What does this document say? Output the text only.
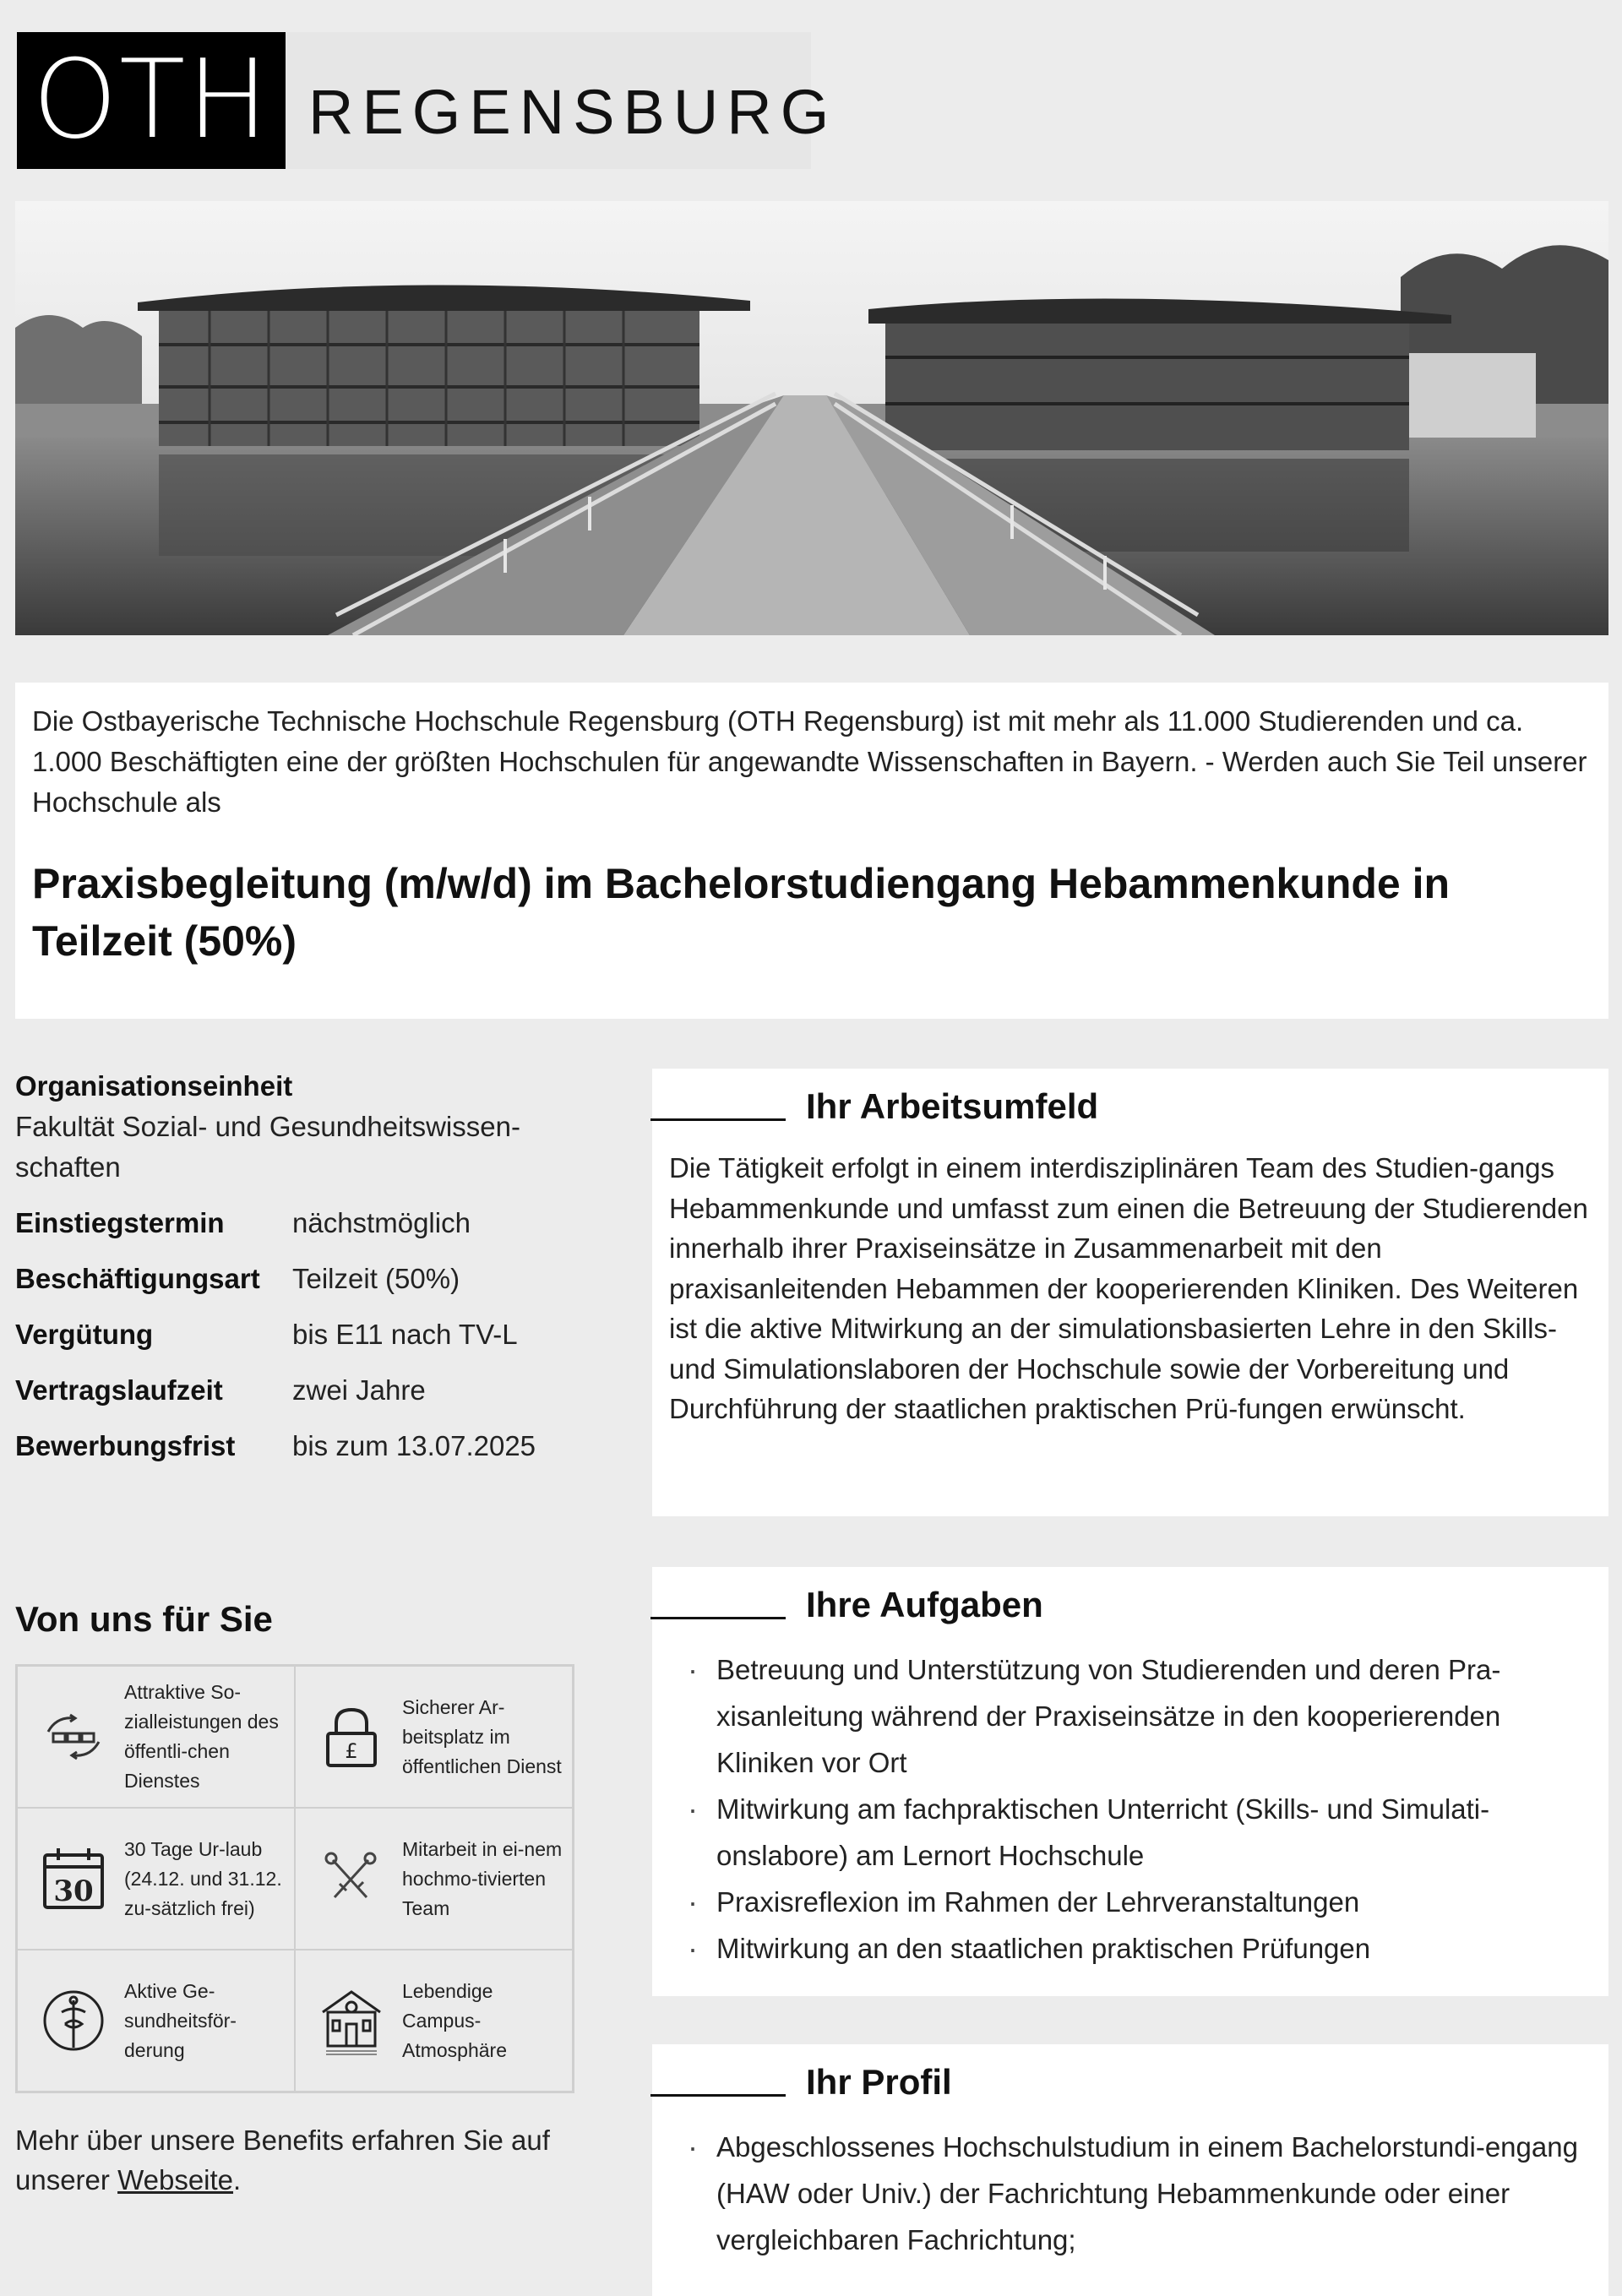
OTH REGENSBURG
Die Ostbayerische Technische Hochschule Regensburg (OTH Regensburg) ist mit mehr als 11.000 Studierenden und ca. 1.000 Beschäftigten eine der größten Hochschulen für angewandte Wissenschaften in Bayern. - Werden auch Sie Teil unserer Hochschule als
Praxisbegleitung (m/w/d) im Bachelorstudiengang Hebammenkunde in Teilzeit (50%)
Organisationseinheit
Fakultät Sozial- und Gesundheitswissen-schaften
Einstiegstermin	nächstmöglich
Beschäftigungsart	Teilzeit (50%)
Vergütung	bis E11 nach TV-L
Vertragslaufzeit	zwei Jahre
Bewerbungsfrist	bis zum 13.07.2025
Ihr Arbeitsumfeld
Die Tätigkeit erfolgt in einem interdisziplinären Team des Studien-gangs Hebammenkunde und umfasst zum einen die Betreuung der Studierenden innerhalb ihrer Praxiseinsätze in Zusammenarbeit mit den praxisanleitenden Hebammen der kooperierenden Kliniken. Des Weiteren ist die aktive Mitwirkung an der simulationsbasierten Lehre in den Skills- und Simulationslaboren der Hochschule sowie der Vorbereitung und Durchführung der staatlichen praktischen Prü-fungen erwünscht.
Ihre Aufgaben
· Betreuung und Unterstützung von Studierenden und deren Pra-xisanleitung während der Praxiseinsätze in den kooperierenden Kliniken vor Ort
· Mitwirkung am fachpraktischen Unterricht (Skills- und Simulati-onslabore) am Lernort Hochschule
· Praxisreflexion im Rahmen der Lehrveranstaltungen
· Mitwirkung an den staatlichen praktischen Prüfungen
Ihr Profil
· Abgeschlossenes Hochschulstudium in einem Bachelorstundi-engang (HAW oder Univ.) der Fachrichtung Hebammenkunde oder einer vergleichbaren Fachrichtung;
Von uns für Sie
Attraktive So-zialleistungen des öffentli-chen Dienstes
£
Sicherer Ar-beitsplatz im öffentlichen Dienst
30
30 Tage Ur-laub (24.12. und 31.12. zu-sätzlich frei)
Mitarbeit in ei-nem hochmo-tivierten Team
Aktive Ge-sundheitsför-derung
Lebendige Campus-Atmosphäre
Mehr über unsere Benefits erfahren Sie auf unserer Webseite.
